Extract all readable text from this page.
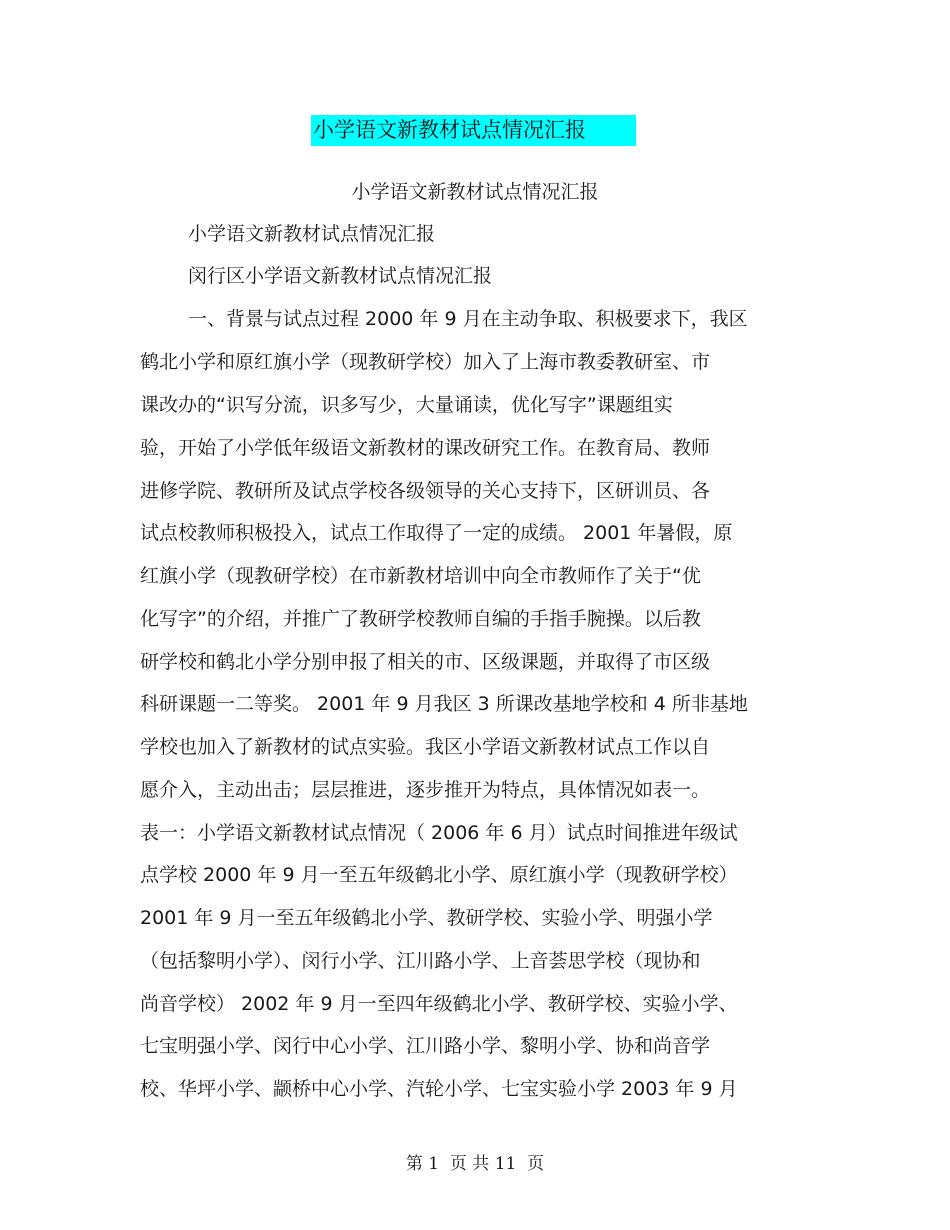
小学语文新教材试点情况汇报
小学语文新教材试点情况汇报
小学语文新教材试点情况汇报
闵行区小学语文新教材试点情况汇报
一、背景与试点过程 2000 年 9 月在主动争取、积极要求下，我区
鹤北小学和原红旗小学（现教研学校）加入了上海市教委教研室、市
课改办的“识写分流，识多写少，大量诵读，优化写字”课题组实
验，开始了小学低年级语文新教材的课改研究工作。在教育局、教师
进修学院、教研所及试点学校各级领导的关心支持下，区研训员、各
试点校教师积极投入，试点工作取得了一定的成绩。 2001 年暑假，原
红旗小学（现教研学校）在市新教材培训中向全市教师作了关于“优
化写字”的介绍，并推广了教研学校教师自编的手指手腕操。以后教
研学校和鹤北小学分别申报了相关的市、区级课题，并取得了市区级
科研课题一二等奖。 2001 年 9 月我区 3 所课改基地学校和 4 所非基地
学校也加入了新教材的试点实验。我区小学语文新教材试点工作以自
愿介入，主动出击；层层推进，逐步推开为特点，具体情况如表一。
表一：小学语文新教材试点情况（ 2006 年 6 月）试点时间推进年级试
点学校 2000 年 9 月一至五年级鹤北小学、原红旗小学（现教研学校）
2001 年 9 月一至五年级鹤北小学、教研学校、实验小学、明强小学
（包括黎明小学）、闵行小学、江川路小学、上音荟思学校（现协和
尚音学校） 2002 年 9 月一至四年级鹤北小学、教研学校、实验小学、
七宝明强小学、闵行中心小学、江川路小学、黎明小学、协和尚音学
校、华坪小学、颛桥中心小学、汽轮小学、七宝实验小学 2003 年 9 月
第 1  页 共 11  页
